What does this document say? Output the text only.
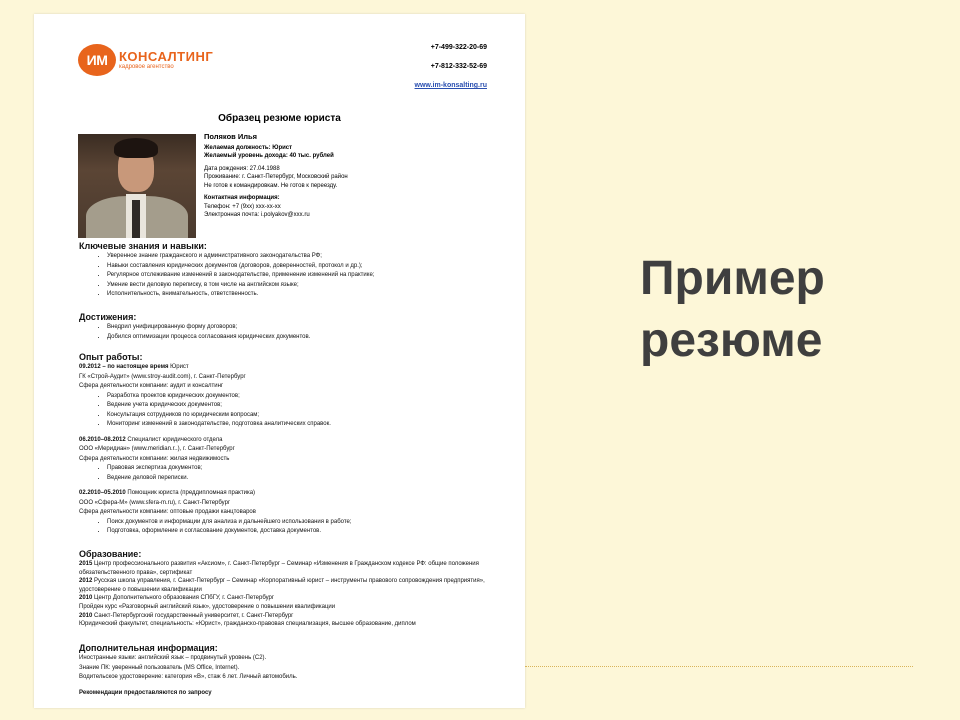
ИМ КОНСАЛТИНГ
кадровое агентство
+7-499-322-20-69
+7-812-332-52-69
www.im-konsalting.ru
Образец резюме юриста
Поляков Илья
Желаемая должность: Юрист
Желаемый уровень дохода: 40 тыс. рублей
Дата рождения: 27.04.1988
Проживание: г. Санкт-Петербург, Московский район
Не готов к командировкам. Не готов к переезду.
Контактная информация:
Телефон: +7 (9xx) xxx-xx-xx
Электронная почта: i.polyakov@xxx.ru
Ключевые знания и навыки:
• Уверенное знание гражданского и административного законодательства РФ;
• Навыки составления юридических документов (договоров, доверенностей, протокол и др.);
• Регулярное отслеживание изменений в законодательстве, применение изменений на практике;
• Умение вести деловую переписку, в том числе на английском языке;
• Исполнительность, внимательность, ответственность.
Достижения:
• Внедрил унифицированную форму договоров;
• Добился оптимизации процесса согласования юридических документов.
Опыт работы:

09.2012 – по настоящее время Юрист

ГК «Строй-Аудит» (www.stroy-audit.com), г. Санкт-Петербург

Сфера деятельности компании: аудит и консалтинг

• Разработка проектов юридических документов;
• Ведение учета юридических документов;
• Консультация сотрудников по юридическим вопросам;
• Мониторинг изменений в законодательстве, подготовка аналитических справок.

06.2010–08.2012 Специалист юридического отдела

ООО «Меридиан» (www.meridian.r..), г. Санкт-Петербург

Сфера деятельности компании: жилая недвижимость

• Правовая экспертиза документов;
• Ведение деловой переписки.

02.2010–05.2010 Помощник юриста (преддипломная практика)

ООО «Сфера-М» (www.sfera-m.ru), г. Санкт-Петербург

Сфера деятельности компании: оптовые продажи канцтоваров

• Поиск документов и информации для анализа и дальнейшего использования в работе;
• Подготовка, оформление и согласование документов, доставка документов.
Образование:

2015 Центр профессионального развития «Аксиом», г. Санкт-Петербург – Семинар «Изменения в Гражданском кодексе РФ: общие положения обязательственного права», сертификат

2012 Русская школа управления, г. Санкт-Петербург – Семинар «Корпоративный юрист – инструменты правового сопровождения предприятия», удостоверение о повышении квалификации

2010 Центр Дополнительного образования СПбГУ, г. Санкт-Петербург

Пройден курс «Разговорный английский язык», удостоверение о повышении квалификации

2010 Санкт-Петербургский государственный университет, г. Санкт-Петербург

Юридический факультет, специальность: «Юрист», гражданско-правовая специализация, высшее образование, диплом

Дополнительная информация:

Иностранные языки: английский язык – продвинутый уровень (C2).

Знание ПК: уверенный пользователь (MS Office, Internet).

Водительское удостоверение: категория «B», стаж 6 лет. Личный автомобиль.

Рекомендации предоставляются по запросу

Пример
резюме
